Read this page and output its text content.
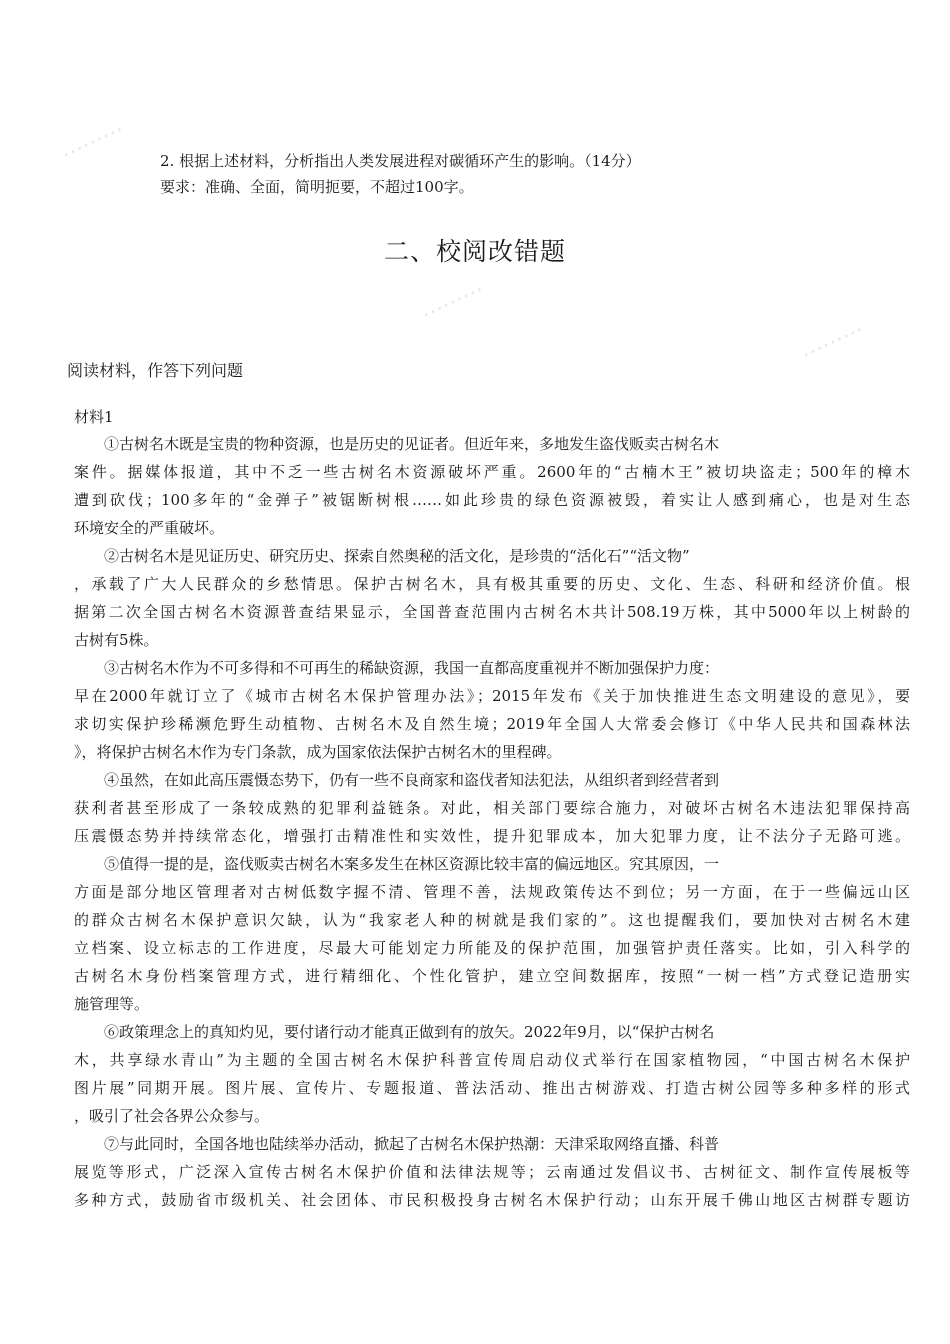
⋯⋯⋯
⋯⋯⋯
⋯⋯⋯
2. 根据上述材料，分析指出人类发展进程对碳循环产生的影响。（14分）
要求：准确、全面，简明扼要，不超过100字。
二、校阅改错题
阅读材料，作答下列问题
材料1
①古树名木既是宝贵的物种资源，也是历史的见证者。但近年来，多地发生盗伐贩卖古树名木
案件。据媒体报道，其中不乏一些古树名木资源破坏严重。2600年的“古楠木王”被切块盗走；500年的樟木
遭到砍伐；100多年的“金弹子”被锯断树根……如此珍贵的绿色资源被毁，着实让人感到痛心，也是对生态
环境安全的严重破坏。
②古树名木是见证历史、研究历史、探索自然奥秘的活文化，是珍贵的“活化石”“活文物”
，承载了广大人民群众的乡愁情思。保护古树名木，具有极其重要的历史、文化、生态、科研和经济价值。根
据第二次全国古树名木资源普查结果显示，全国普查范围内古树名木共计508.19万株，其中5000年以上树龄的
古树有5株。
③古树名木作为不可多得和不可再生的稀缺资源，我国一直都高度重视并不断加强保护力度：
早在2000年就订立了《城市古树名木保护管理办法》；2015年发布《关于加快推进生态文明建设的意见》，要
求切实保护珍稀濒危野生动植物、古树名木及自然生境；2019年全国人大常委会修订《中华人民共和国森林法
》，将保护古树名木作为专门条款，成为国家依法保护古树名木的里程碑。
④虽然，在如此高压震慑态势下，仍有一些不良商家和盗伐者知法犯法，从组织者到经营者到
获利者甚至形成了一条较成熟的犯罪利益链条。对此，相关部门要综合施力，对破坏古树名木违法犯罪保持高
压震慑态势并持续常态化，增强打击精准性和实效性，提升犯罪成本，加大犯罪力度，让不法分子无路可逃。
⑤值得一提的是，盗伐贩卖古树名木案多发生在林区资源比较丰富的偏远地区。究其原因，一
方面是部分地区管理者对古树低数字握不清、管理不善，法规政策传达不到位；另一方面，在于一些偏远山区
的群众古树名木保护意识欠缺，认为“我家老人种的树就是我们家的”。这也提醒我们，要加快对古树名木建
立档案、设立标志的工作进度，尽最大可能划定力所能及的保护范围，加强管护责任落实。比如，引入科学的
古树名木身份档案管理方式，进行精细化、个性化管护，建立空间数据库，按照“一树一档”方式登记造册实
施管理等。
⑥政策理念上的真知灼见，要付诸行动才能真正做到有的放矢。2022年9月，以“保护古树名
木，共享绿水青山”为主题的全国古树名木保护科普宣传周启动仪式举行在国家植物园，“中国古树名木保护
图片展”同期开展。图片展、宣传片、专题报道、普法活动、推出古树游戏、打造古树公园等多种多样的形式
，吸引了社会各界公众参与。
⑦与此同时，全国各地也陆续举办活动，掀起了古树名木保护热潮：天津采取网络直播、科普
展览等形式，广泛深入宣传古树名木保护价值和法律法规等；云南通过发倡议书、古树征文、制作宣传展板等
多种方式，鼓励省市级机关、社会团体、市民积极投身古树名木保护行动；山东开展千佛山地区古树群专题访
